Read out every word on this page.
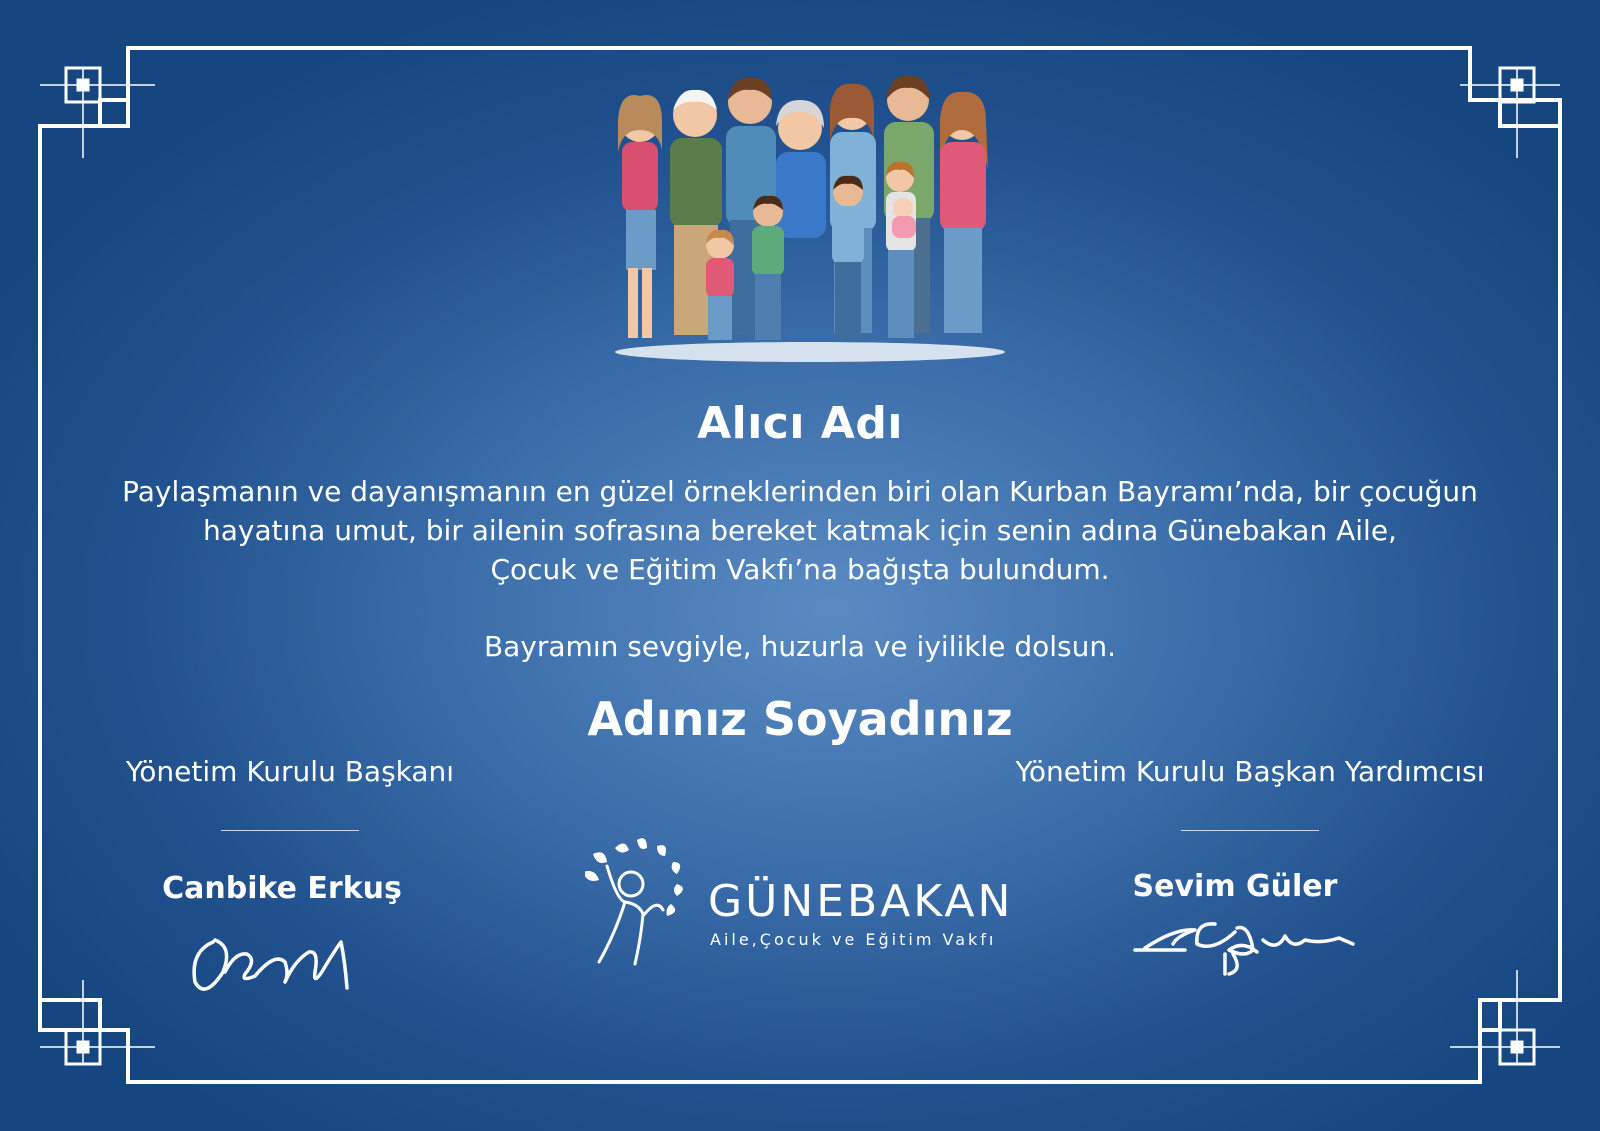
Alıcı Adı
Paylaşmanın ve dayanışmanın en güzel örneklerinden biri olan Kurban Bayramı’nda, bir çocuğun
hayatına umut, bir ailenin sofrasına bereket katmak için senin adına Günebakan Aile,
Çocuk ve Eğitim Vakfı’na bağışta bulundum.
Bayramın sevgiyle, huzurla ve iyilikle dolsun.
Adınız Soyadınız
Yönetim Kurulu Başkanı
Canbike Erkuş
Yönetim Kurulu Başkan Yardımcısı
Sevim Güler
GÜNEBAKAN
Aile,Çocuk ve Eğitim Vakfı
